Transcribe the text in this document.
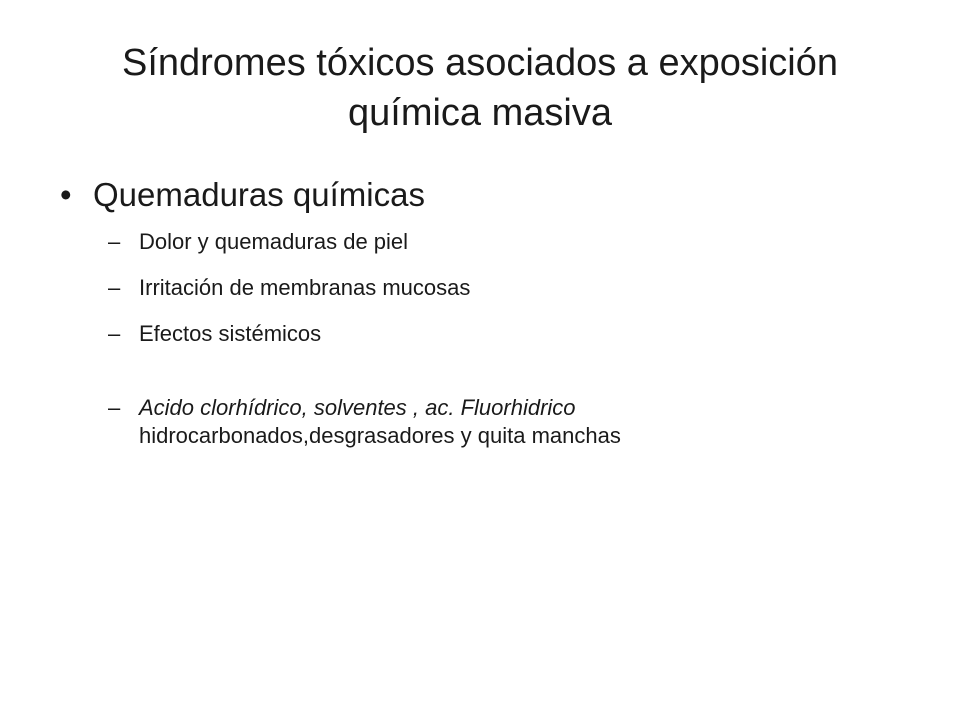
Síndromes tóxicos asociados a exposición
química masiva
• Quemaduras químicas
– Dolor y quemaduras de piel
– Irritación de membranas mucosas
– Efectos sistémicos
– Acido clorhídrico, solventes , ac. Fluorhidrico
hidrocarbonados,desgrasadores y quita manchas
